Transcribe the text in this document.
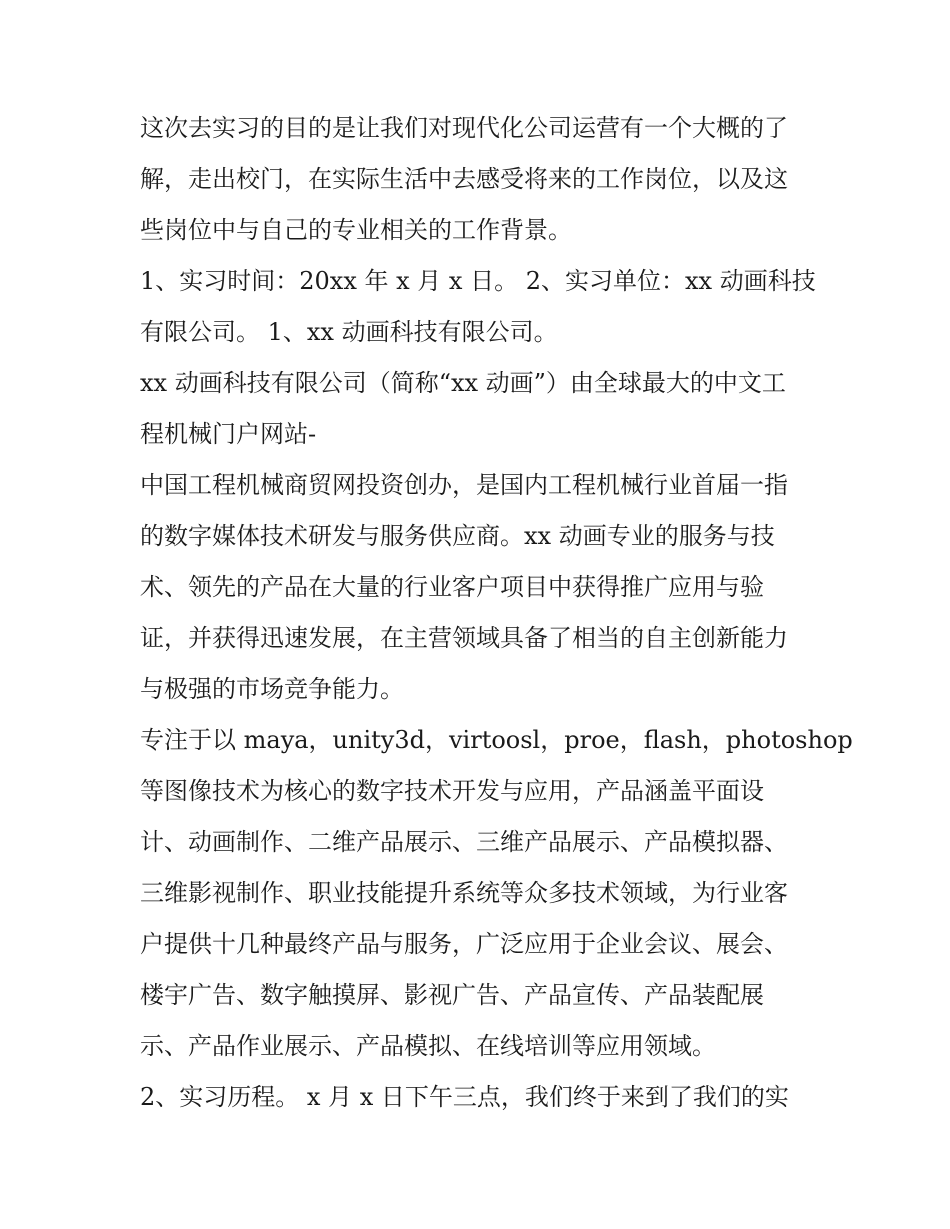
这次去实习的目的是让我们对现代化公司运营有一个大概的了
解，走出校门，在实际生活中去感受将来的工作岗位，以及这
些岗位中与自己的专业相关的工作背景。
1、实习时间：20xx 年 x 月 x 日。 2、实习单位：xx 动画科技
有限公司。 1、xx 动画科技有限公司。
xx 动画科技有限公司（简称“xx 动画”）由全球最大的中文工
程机械门户网站-
中国工程机械商贸网投资创办，是国内工程机械行业首届一指
的数字媒体技术研发与服务供应商。xx 动画专业的服务与技
术、领先的产品在大量的行业客户项目中获得推广应用与验
证，并获得迅速发展，在主营领域具备了相当的自主创新能力
与极强的市场竞争能力。
专注于以 maya，unity3d，virtoosl，proe，flash，photoshop
等图像技术为核心的数字技术开发与应用，产品涵盖平面设
计、动画制作、二维产品展示、三维产品展示、产品模拟器、
三维影视制作、职业技能提升系统等众多技术领域，为行业客
户提供十几种最终产品与服务，广泛应用于企业会议、展会、
楼宇广告、数字触摸屏、影视广告、产品宣传、产品装配展
示、产品作业展示、产品模拟、在线培训等应用领域。
2、实习历程。 x 月 x 日下午三点，我们终于来到了我们的实
